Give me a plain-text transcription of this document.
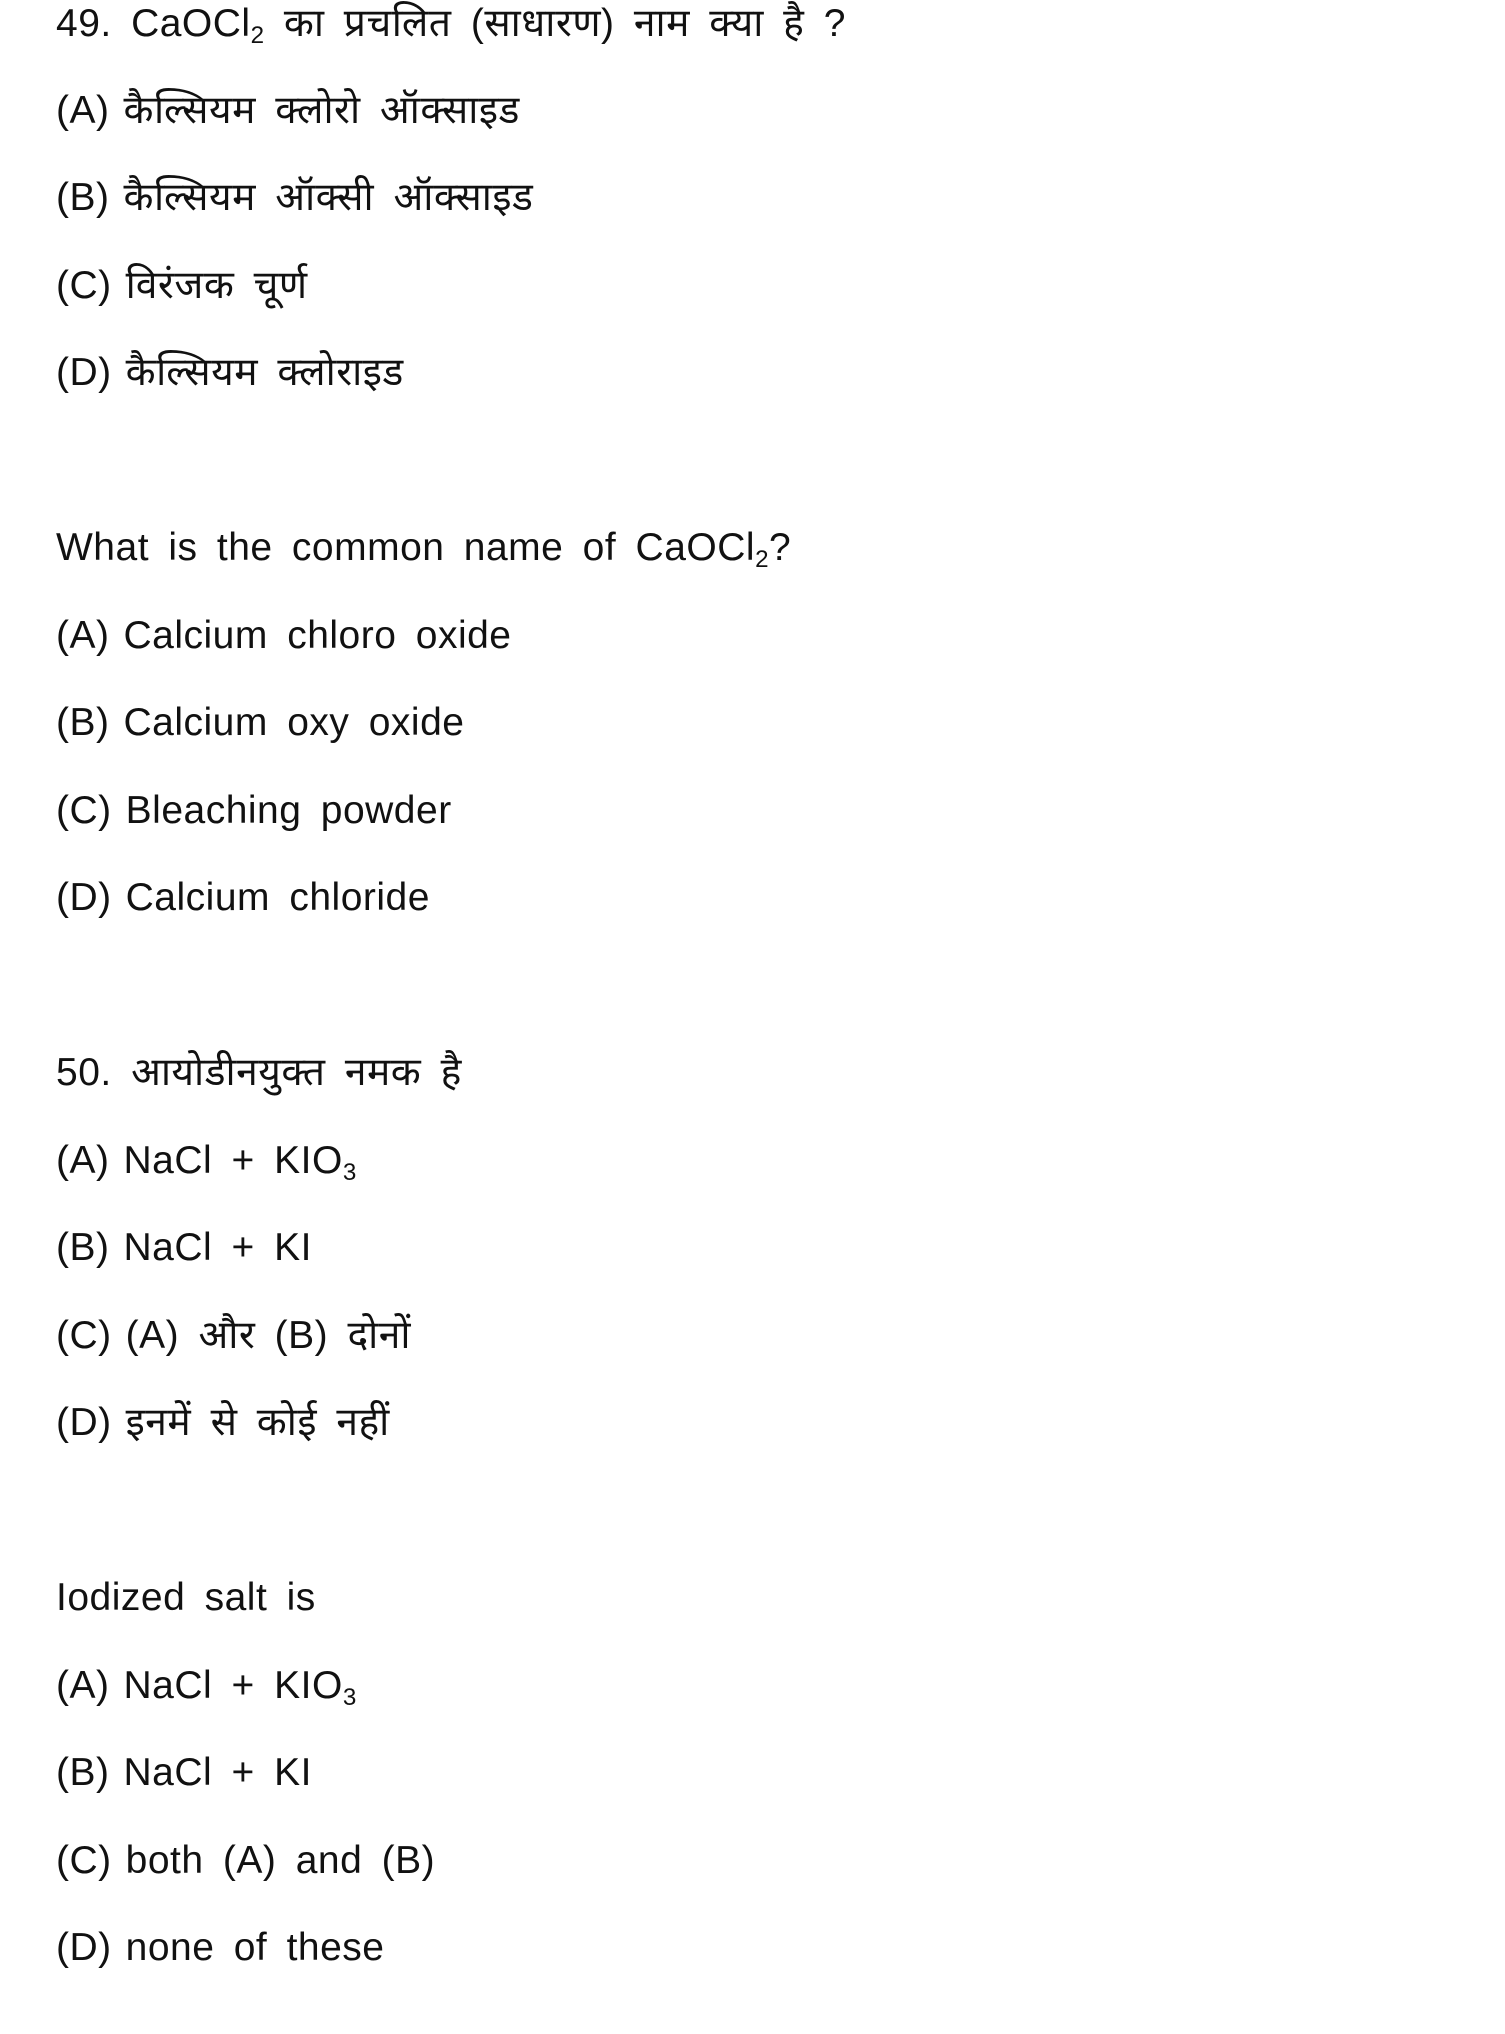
49. CaOCl$_2$ का प्रचलित (साधारण) नाम क्या है ?
(A) कैल्सियम क्लोरो ऑक्साइड
(B) कैल्सियम ऑक्सी ऑक्साइड
(C) विरंजक चूर्ण
(D) कैल्सियम क्लोराइड
What is the common name of CaOCl$_2$?
(A) Calcium chloro oxide
(B) Calcium oxy oxide
(C) Bleaching powder
(D) Calcium chloride
50. आयोडीनयुक्त नमक है
(A) NaCl + $KIO_3$
(B) NaCl + KI
(C) (A) और (B) दोनों
(D) इनमें से कोई नहीं
Iodized salt is
(A) NaCl + $KIO_3$
(B) NaCl + KI
(C) both (A) and (B)
(D) none of these
